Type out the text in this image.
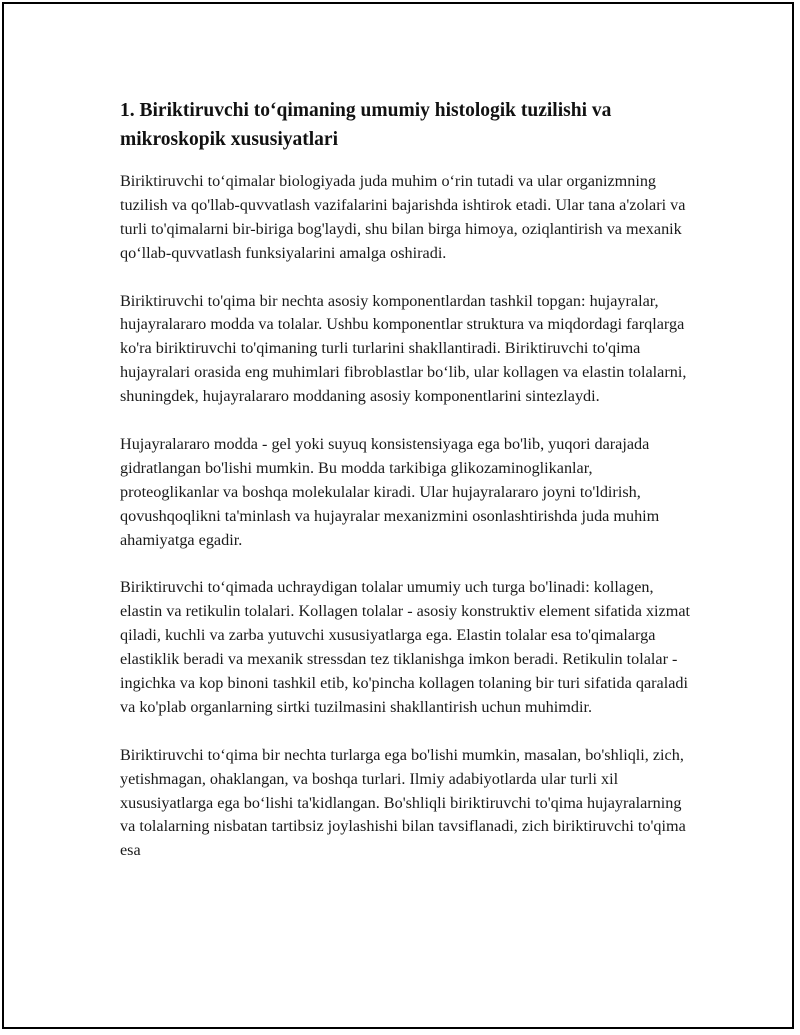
1. Biriktiruvchi to‘qimaning umumiy histologik tuzilishi va mikroskopik xususiyatlari

Biriktiruvchi to‘qimalar biologiyada juda muhim o‘rin tutadi va ular organizmning tuzilish va qo'llab-quvvatlash vazifalarini bajarishda ishtirok etadi. Ular tana a'zolari va turli to'qimalarni bir-biriga bog'laydi, shu bilan birga himoya, oziqlantirish va mexanik qo‘llab-quvvatlash funksiyalarini amalga oshiradi.

Biriktiruvchi to'qima bir nechta asosiy komponentlardan tashkil topgan: hujayralar, hujayralararo modda va tolalar. Ushbu komponentlar struktura va miqdordagi farqlarga ko'ra biriktiruvchi to'qimaning turli turlarini shakllantiradi. Biriktiruvchi to'qima hujayralari orasida eng muhimlari fibroblastlar bo‘lib, ular kollagen va elastin tolalarni, shuningdek, hujayralararo moddaning asosiy komponentlarini sintezlaydi.

Hujayralararo modda - gel yoki suyuq konsistensiyaga ega bo'lib, yuqori darajada gidratlangan bo'lishi mumkin. Bu modda tarkibiga glikozaminoglikanlar, proteoglikanlar va boshqa molekulalar kiradi. Ular hujayralararo joyni to'ldirish, qovushqoqlikni ta'minlash va hujayralar mexanizmini osonlashtirishda juda muhim ahamiyatga egadir.

Biriktiruvchi to‘qimada uchraydigan tolalar umumiy uch turga bo'linadi: kollagen, elastin va retikulin tolalari. Kollagen tolalar - asosiy konstruktiv element sifatida xizmat qiladi, kuchli va zarba yutuvchi xususiyatlarga ega. Elastin tolalar esa to'qimalarga elastiklik beradi va mexanik stressdan tez tiklanishga imkon beradi. Retikulin tolalar - ingichka va kop binoni tashkil etib, ko'pincha kollagen tolaning bir turi sifatida qaraladi va ko'plab organlarning sirtki tuzilmasini shakllantirish uchun muhimdir.

Biriktiruvchi to‘qima bir nechta turlarga ega bo'lishi mumkin, masalan, bo'shliqli, zich, yetishmagan, ohaklangan, va boshqa turlari. Ilmiy adabiyotlarda ular turli xil xususiyatlarga ega bo‘lishi ta'kidlangan. Bo'shliqli biriktiruvchi to'qima hujayralarning va tolalarning nisbatan tartibsiz joylashishi bilan tavsiflanadi, zich biriktiruvchi to'qima esa
